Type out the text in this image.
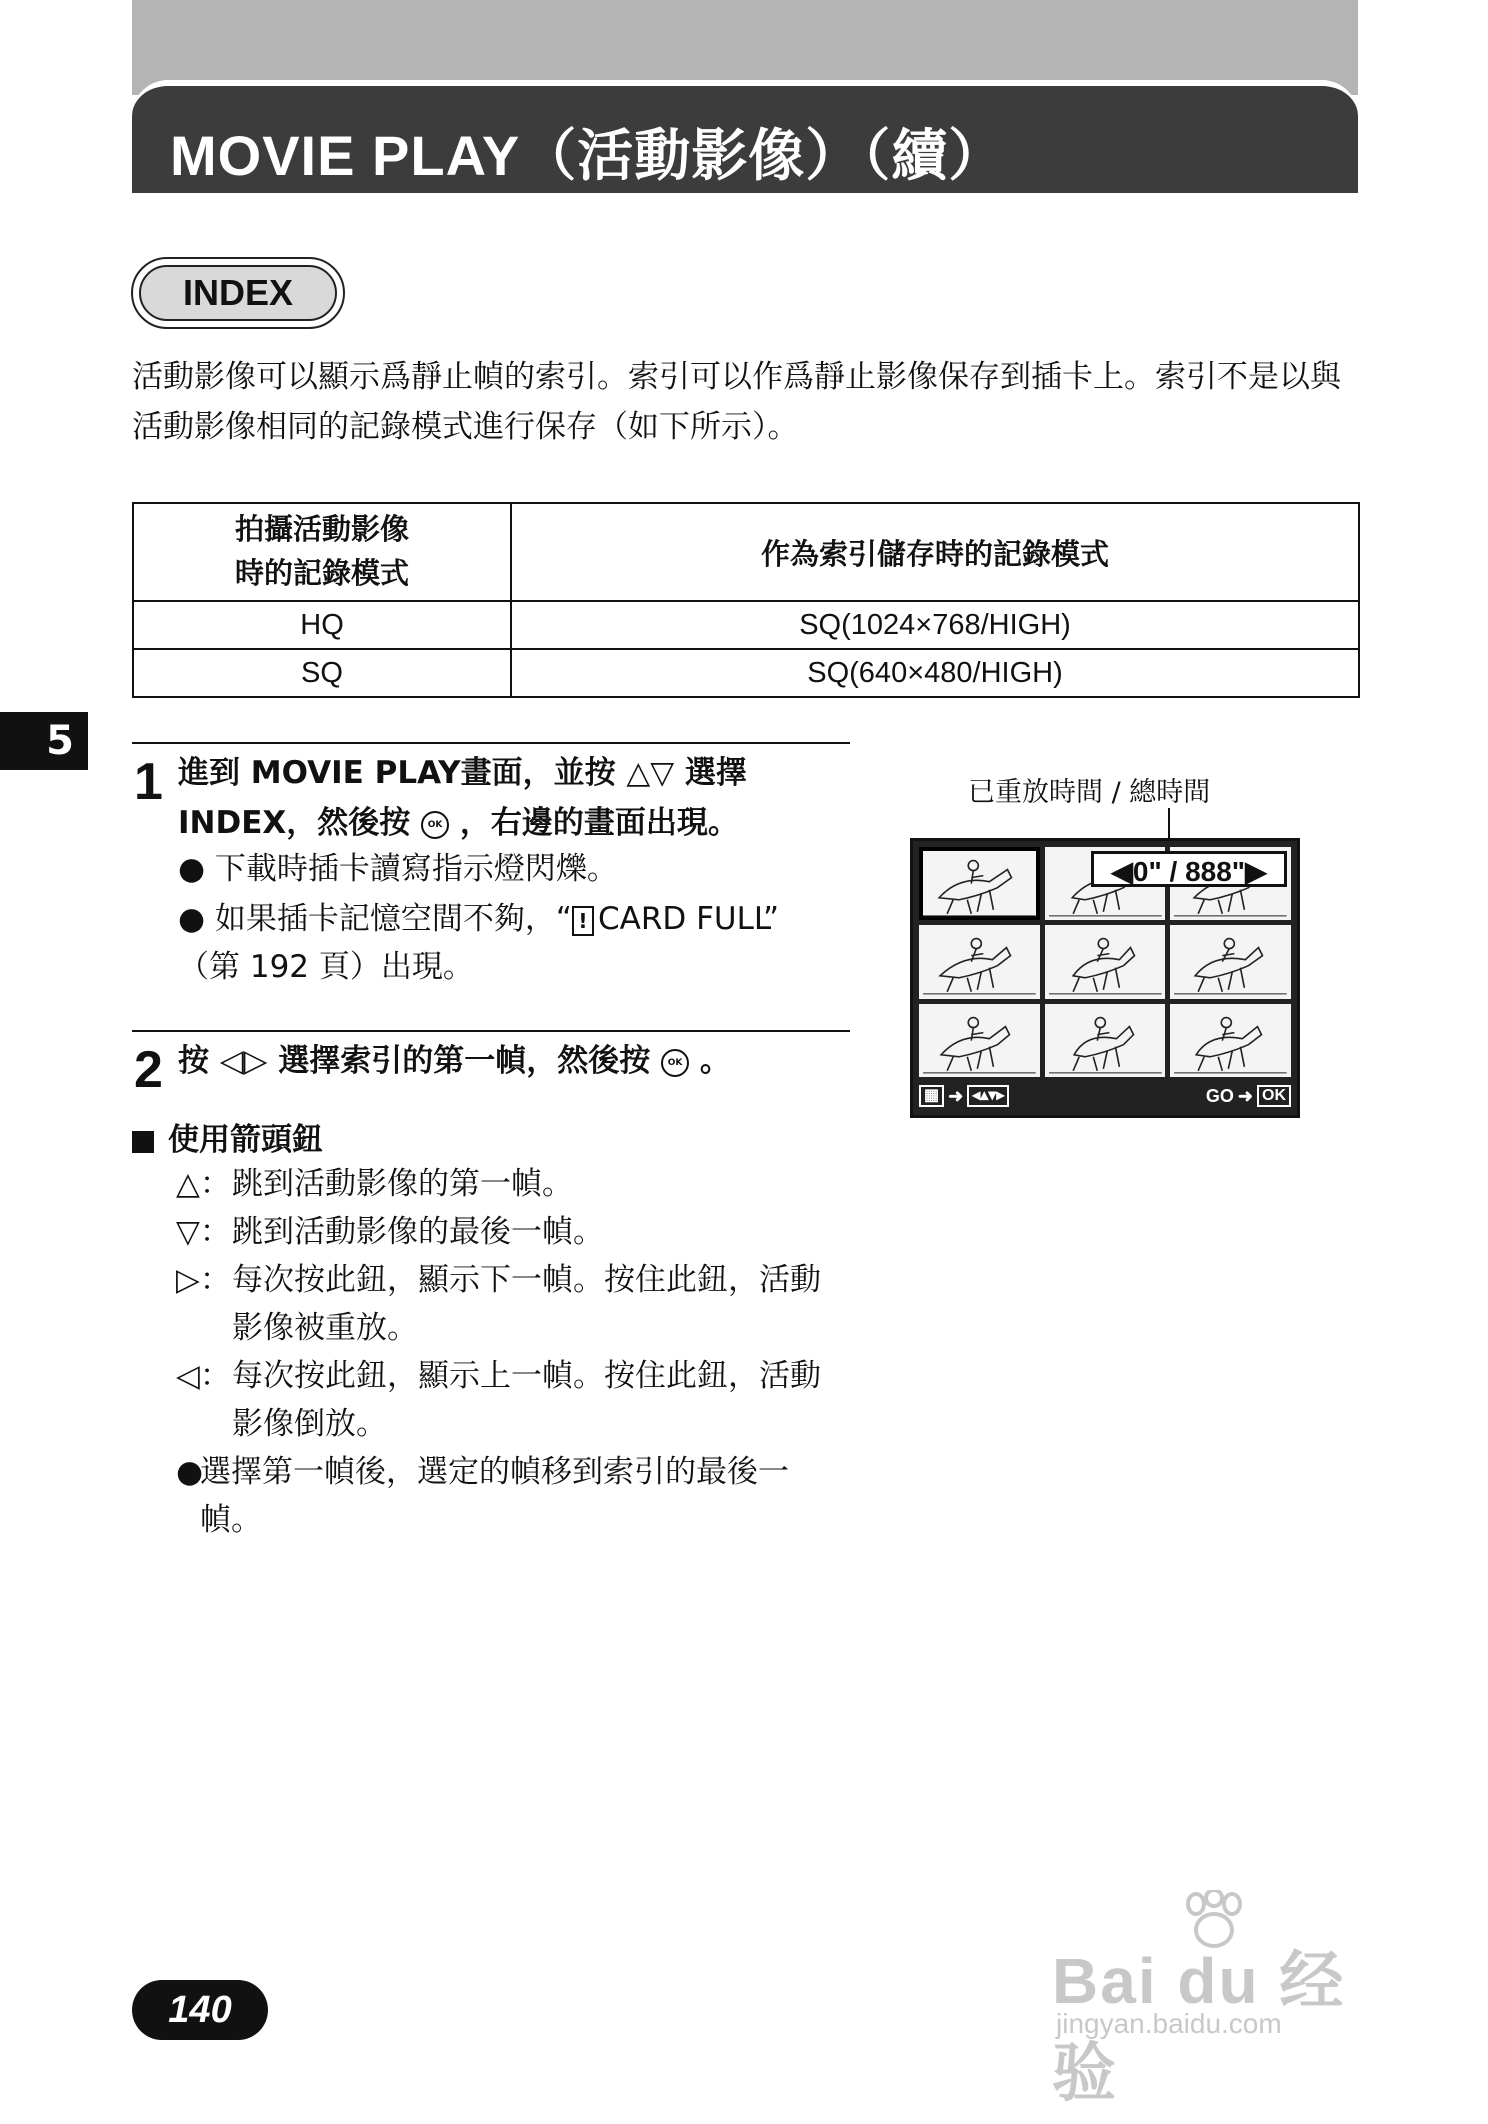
MOVIE PLAY（活動影像）（續）
INDEX
活動影像可以顯示爲靜止幀的索引。索引可以作爲靜止影像保存到插卡上。索引不是以與活動影像相同的記錄模式進行保存（如下所示）。
拍攝活動影像
時的記錄模式	作為索引儲存時的記錄模式
HQ	SQ(1024×768/HIGH)
SQ	SQ(640×480/HIGH)
5
1 進到 MOVIE PLAY畫面，並按 △▽ 選擇
INDEX，然後按 OK ，右邊的畫面出現。
● 下載時插卡讀寫指示燈閃爍。
● 如果插卡記憶空間不夠，“ ! CARD FULL”
（第 192 頁）出現。
2 按 ◁▷ 選擇索引的第一幀，然後按 OK 。
使用箭頭鈕
△： 跳到活動影像的第一幀。
▽： 跳到活動影像的最後一幀。
▷： 每次按此鈕，顯示下一幀。按住此鈕，活動影像被重放。
◁： 每次按此鈕，顯示上一幀。按住此鈕，活動影像倒放。
●
選擇第一幀後，選定的幀移到索引的最後一幀。
已重放時間 / 總時間
◀0" / 888"▶
▦ ➜ ◂▴▾▸	GO ➜ OK
140	Bai du 经验
jingyan.baidu.com
